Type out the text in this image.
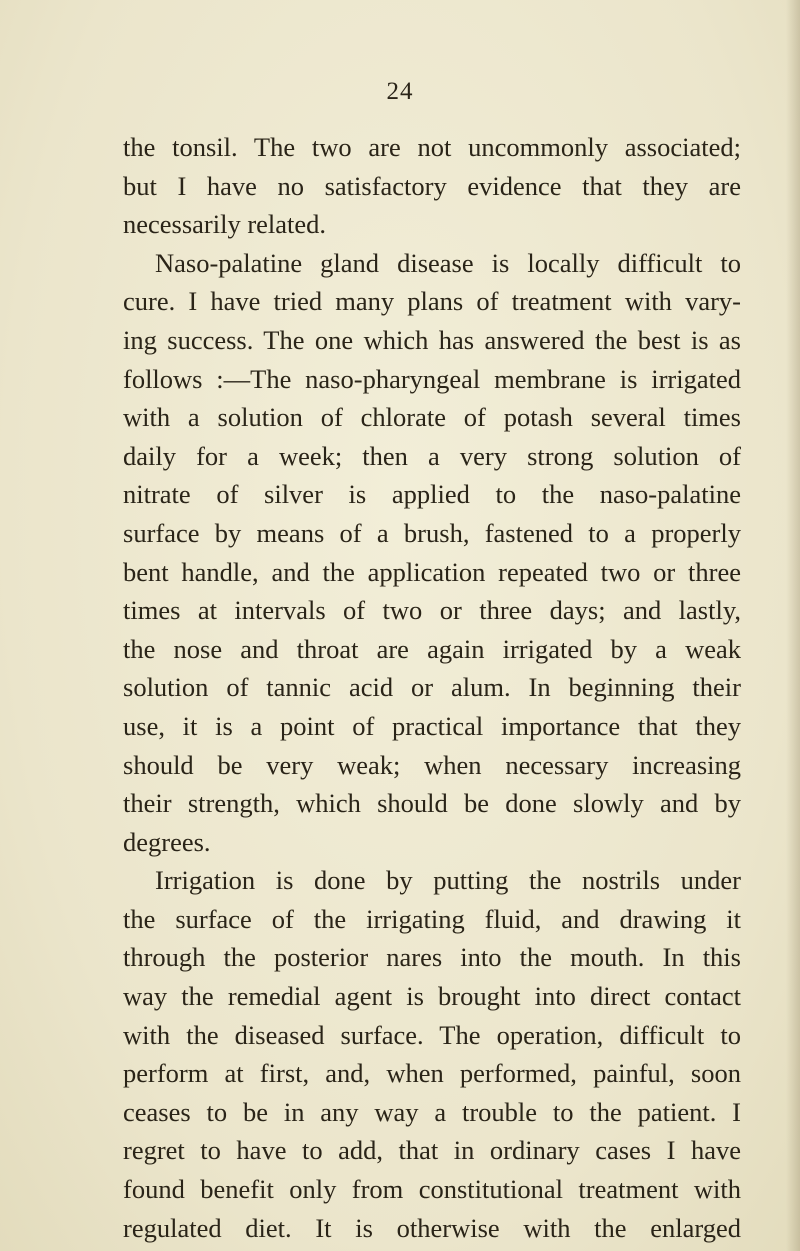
24
the tonsil. The two are not uncommonly associated;
but I have no satisfactory evidence that they are
necessarily related.
Naso-palatine gland disease is locally difficult to
cure. I have tried many plans of treatment with vary-
ing success. The one which has answered the best is as
follows :—The naso-pharyngeal membrane is irrigated
with a solution of chlorate of potash several times
daily for a week; then a very strong solution of
nitrate of silver is applied to the naso-palatine
surface by means of a brush, fastened to a properly
bent handle, and the application repeated two or three
times at intervals of two or three days; and lastly,
the nose and throat are again irrigated by a weak
solution of tannic acid or alum. In beginning their
use, it is a point of practical importance that they
should be very weak; when necessary increasing
their strength, which should be done slowly and by
degrees.
Irrigation is done by putting the nostrils under
the surface of the irrigating fluid, and drawing it
through the posterior nares into the mouth. In this
way the remedial agent is brought into direct contact
with the diseased surface. The operation, difficult to
perform at first, and, when performed, painful, soon
ceases to be in any way a trouble to the patient. I
regret to have to add, that in ordinary cases I have
found benefit only from constitutional treatment with
regulated diet. It is otherwise with the enlarged
